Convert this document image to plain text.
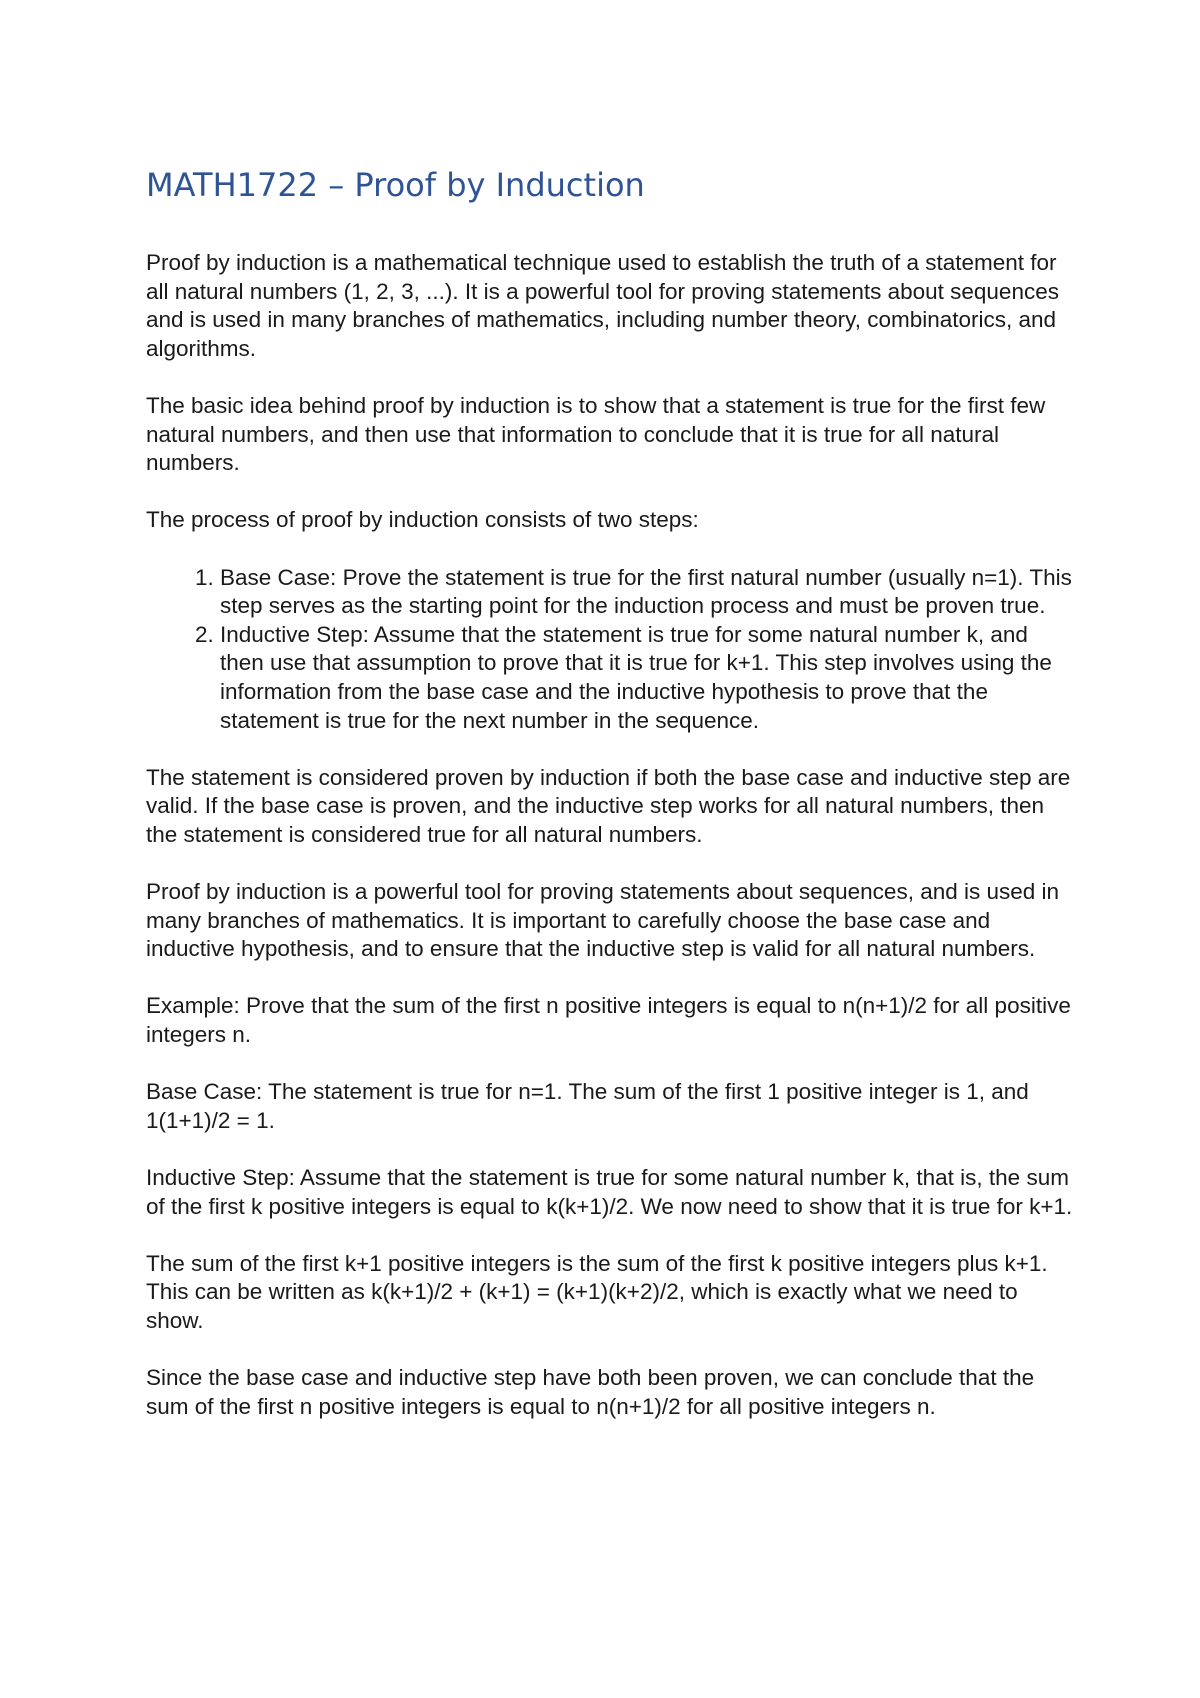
MATH1722 – Proof by Induction

Proof by induction is a mathematical technique used to establish the truth of a statement for all natural numbers (1, 2, 3, ...). It is a powerful tool for proving statements about sequences and is used in many branches of mathematics, including number theory, combinatorics, and algorithms.

The basic idea behind proof by induction is to show that a statement is true for the first few natural numbers, and then use that information to conclude that it is true for all natural numbers.

The process of proof by induction consists of two steps:

1. Base Case: Prove the statement is true for the first natural number (usually n=1). This step serves as the starting point for the induction process and must be proven true.
2. Inductive Step: Assume that the statement is true for some natural number k, and then use that assumption to prove that it is true for k+1. This step involves using the information from the base case and the inductive hypothesis to prove that the statement is true for the next number in the sequence.

The statement is considered proven by induction if both the base case and inductive step are valid. If the base case is proven, and the inductive step works for all natural numbers, then the statement is considered true for all natural numbers.

Proof by induction is a powerful tool for proving statements about sequences, and is used in many branches of mathematics. It is important to carefully choose the base case and inductive hypothesis, and to ensure that the inductive step is valid for all natural numbers.

Example: Prove that the sum of the first n positive integers is equal to n(n+1)/2 for all positive integers n.

Base Case: The statement is true for n=1. The sum of the first 1 positive integer is 1, and 1(1+1)/2 = 1.

Inductive Step: Assume that the statement is true for some natural number k, that is, the sum of the first k positive integers is equal to k(k+1)/2. We now need to show that it is true for k+1.

The sum of the first k+1 positive integers is the sum of the first k positive integers plus k+1. This can be written as k(k+1)/2 + (k+1) = (k+1)(k+2)/2, which is exactly what we need to show.

Since the base case and inductive step have both been proven, we can conclude that the sum of the first n positive integers is equal to n(n+1)/2 for all positive integers n.
